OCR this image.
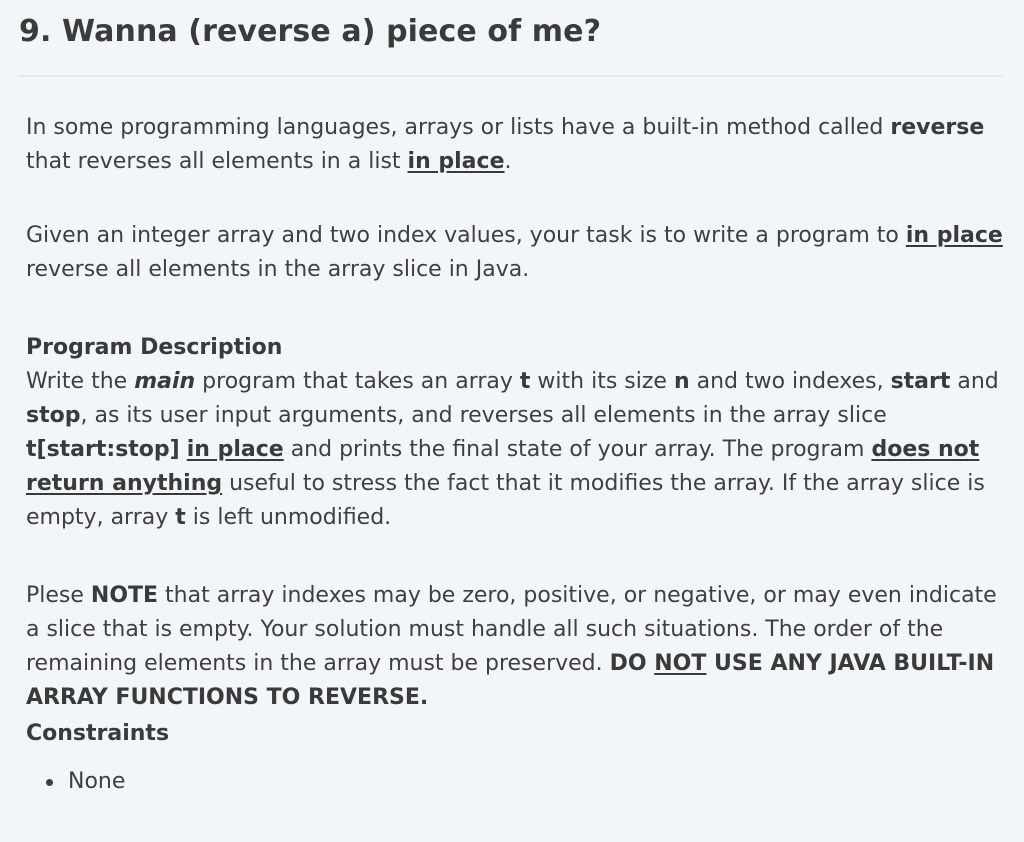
9. Wanna (reverse a) piece of me?

In some programming languages, arrays or lists have a built-in method called reverse that reverses all elements in a list in place.

Given an integer array and two index values, your task is to write a program to in place reverse all elements in the array slice in Java.

Program Description

Write the main program that takes an array t with its size n and two indexes, start and stop, as its user input arguments, and reverses all elements in the array slice t[start:stop] in place and prints the final state of your array. The program does not return anything useful to stress the fact that it modifies the array. If the array slice is empty, array t is left unmodified.

Plese NOTE that array indexes may be zero, positive, or negative, or may even indicate a slice that is empty. Your solution must handle all such situations. The order of the remaining elements in the array must be preserved. DO NOT USE ANY JAVA BUILT-IN ARRAY FUNCTIONS TO REVERSE.

Constraints

None
